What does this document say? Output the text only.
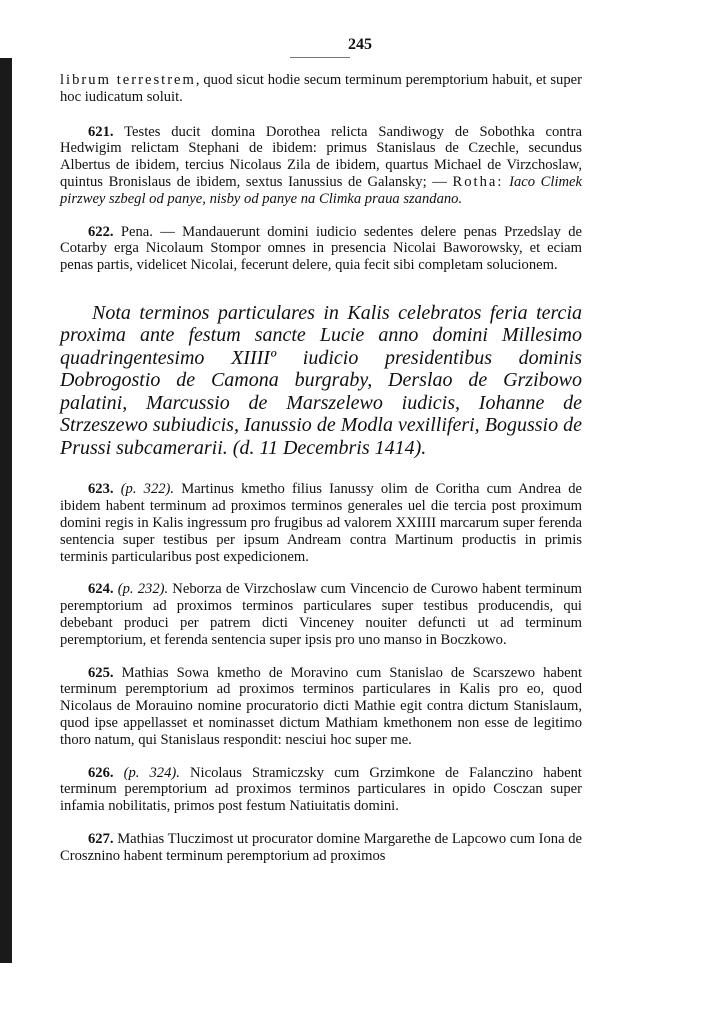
245

librum terrestrem, quod sicut hodie secum terminum peremptorium habuit, et super hoc iudicatum soluit.

621. Testes ducit domina Dorothea relicta Sandiwogy de Sobothka contra Hedwigim relictam Stephani de ibidem: primus Stanislaus de Czechle, secundus Albertus de ibidem, tercius Nicolaus Zila de ibidem, quartus Michael de Virzchoslaw, quintus Bronislaus de ibidem, sextus Ianussius de Galansky; — Rotha: Iaco Climek pirzwey szbegl od panye, nisby od panye na Climka praua szandano.

622. Pena. — Mandauerunt domini iudicio sedentes delere penas Przedslay de Cotarby erga Nicolaum Stompor omnes in presencia Nicolai Baworowsky, et eciam penas partis, videlicet Nicolai, fecerunt delere, quia fecit sibi completam solucionem.

Nota terminos particulares in Kalis celebratos feria tercia proxima ante festum sancte Lucie anno domini Millesimo quadringentesimo XIIIIº iudicio presidentibus dominis Dobrogostio de Camona burgraby, Derslao de Grzibowo palatini, Marcussio de Marszelewo iudicis, Iohanne de Strzeszewo subiudicis, Ianussio de Modla vexilliferi, Bogussio de Prussi subcamerarii. (d. 11 Decembris 1414).

623. (p. 322). Martinus kmetho filius Ianussy olim de Coritha cum Andrea de ibidem habent terminum ad proximos terminos generales uel die tercia post proximum domini regis in Kalis ingressum pro frugibus ad valorem XXIIII marcarum super ferenda sentencia super testibus per ipsum Andream contra Martinum productis in primis terminis particularibus post expedicionem.

624. (p. 232). Neborza de Virzchoslaw cum Vincencio de Curowo habent terminum peremptorium ad proximos terminos particulares super testibus producendis, qui debebant produci per patrem dicti Vinceney nouiter defuncti ut ad terminum peremptorium, et ferenda sentencia super ipsis pro uno manso in Boczkowo.

625. Mathias Sowa kmetho de Moravino cum Stanislao de Scarszewo habent terminum peremptorium ad proximos terminos particulares in Kalis pro eo, quod Nicolaus de Morauino nomine procuratorio dicti Mathie egit contra dictum Stanislaum, quod ipse appellasset et nominasset dictum Mathiam kmethonem non esse de legitimo thoro natum, qui Stanislaus respondit: nesciui hoc super me.

626. (p. 324). Nicolaus Stramiczsky cum Grzimkone de Falanczino habent terminum peremptorium ad proximos terminos particulares in opido Cosczan super infamia nobilitatis, primos post festum Natiuitatis domini.

627. Mathias Tluczimost ut procurator domine Margarethe de Lapcowo cum Iona de Crosznino habent terminum peremptorium ad proximos
